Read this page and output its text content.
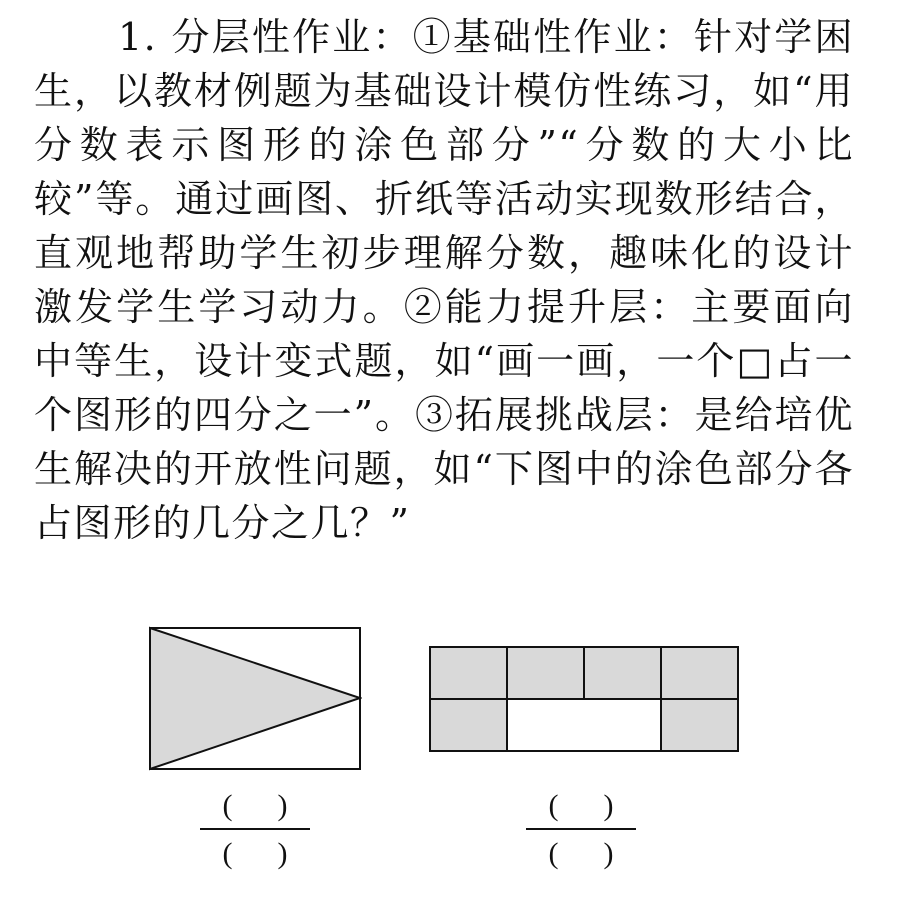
1. 分层性作业：①基础性作业：针对学困生，以教材例题为基础设计模仿性练习，如“用分数表示图形的涂色部分”“分数的大小比较”等。通过画图、折纸等活动实现数形结合，直观地帮助学生初步理解分数，趣味化的设计激发学生学习动力。②能力提升层：主要面向中等生，设计变式题，如“画一画，一个□占一个图形的四分之一”。③拓展挑战层：是给培优生解决的开放性问题，如“下图中的涂色部分各占图形的几分之几？”
(      )
(      )
(      )
(      )
